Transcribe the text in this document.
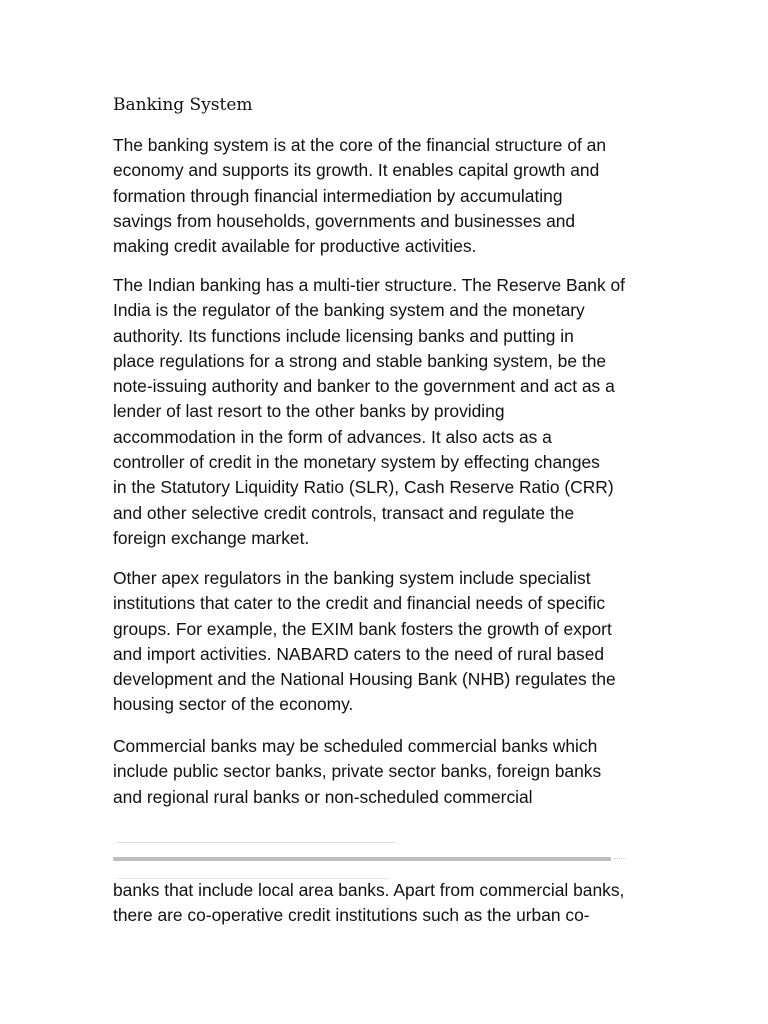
Banking System

The banking system is at the core of the financial structure of an
economy and supports its growth. It enables capital growth and
formation through financial intermediation by accumulating
savings from households, governments and businesses and
making credit available for productive activities.

The Indian banking has a multi-tier structure. The Reserve Bank of
India is the regulator of the banking system and the monetary
authority. Its functions include licensing banks and putting in
place regulations for a strong and stable banking system, be the
note-issuing authority and banker to the government and act as a
lender of last resort to the other banks by providing
accommodation in the form of advances. It also acts as a
controller of credit in the monetary system by effecting changes
in the Statutory Liquidity Ratio (SLR), Cash Reserve Ratio (CRR)
and other selective credit controls, transact and regulate the
foreign exchange market.

Other apex regulators in the banking system include specialist
institutions that cater to the credit and financial needs of specific
groups. For example, the EXIM bank fosters the growth of export
and import activities. NABARD caters to the need of rural based
development and the National Housing Bank (NHB) regulates the
housing sector of the economy.

Commercial banks may be scheduled commercial banks which
include public sector banks, private sector banks, foreign banks
and regional rural banks or non-scheduled commercial

banks that include local area banks. Apart from commercial banks,
there are co-operative credit institutions such as the urban co-
